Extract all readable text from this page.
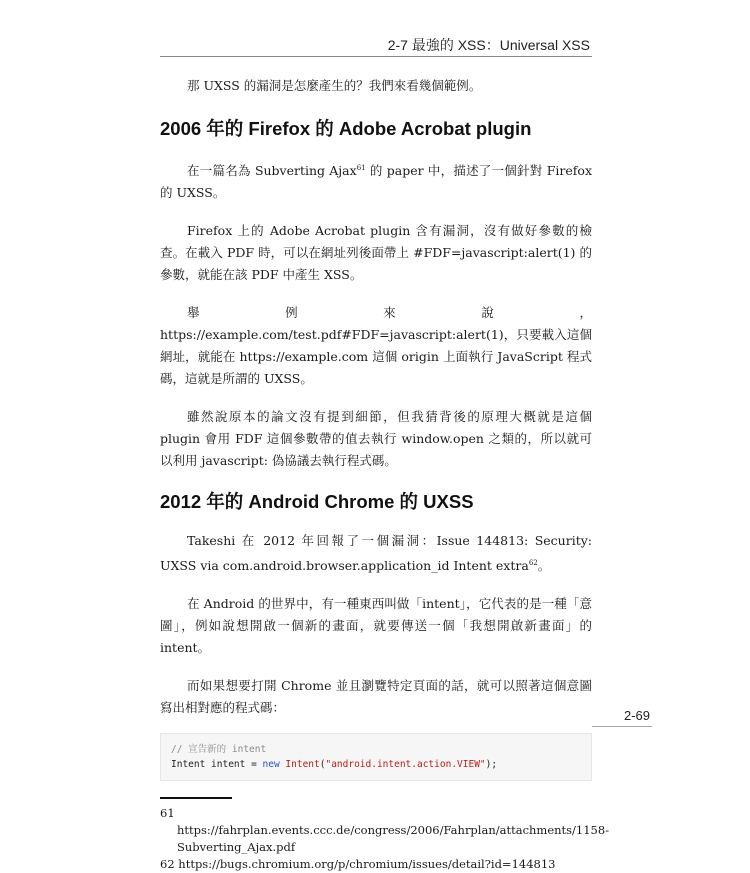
2-7 最強的 XSS：Universal XSS

那 UXSS 的漏洞是怎麼產生的？我們來看幾個範例。

2006 年的 Firefox 的 Adobe Acrobat plugin

在一篇名為 Subverting Ajax$^{61}$ 的 paper 中，描述了一個針對 Firefox 的 UXSS。

Firefox 上的 Adobe Acrobat plugin 含有漏洞，沒有做好參數的檢查。在載入 PDF 時，可以在網址列後面帶上 #FDF=javascript:alert(1) 的參數，就能在該 PDF 中產生 XSS。

舉例來說，https://example.com/test.pdf#FDF=javascript:alert(1)，只要載入這個網址，就能在 https://example.com 這個 origin 上面執行 JavaScript 程式碼，這就是所謂的 UXSS。

雖然說原本的論文沒有提到細節，但我猜背後的原理大概就是這個 plugin 會用 FDF 這個參數帶的值去執行 window.open 之類的，所以就可以利用 javascript: 偽協議去執行程式碼。

2012 年的 Android Chrome 的 UXSS

Takeshi 在 2012 年回報了一個漏洞：Issue 144813: Security: UXSS via com.android.browser.application_id Intent extra$^{62}$。

在 Android 的世界中，有一種東西叫做「intent」，它代表的是一種「意圖」，例如說想開啟一個新的畫面，就要傳送一個「我想開啟新畫面」的 intent。

而如果想要打開 Chrome 並且瀏覽特定頁面的話，就可以照著這個意圖寫出相對應的程式碼：

// 宣告新的 intent
Intent intent = new Intent("android.intent.action.VIEW");
61 https://fahrplan.events.ccc.de/congress/2006/Fahrplan/attachments/1158-Subverting_Ajax.pdf
62 https://bugs.chromium.org/p/chromium/issues/detail?id=144813
2-69
